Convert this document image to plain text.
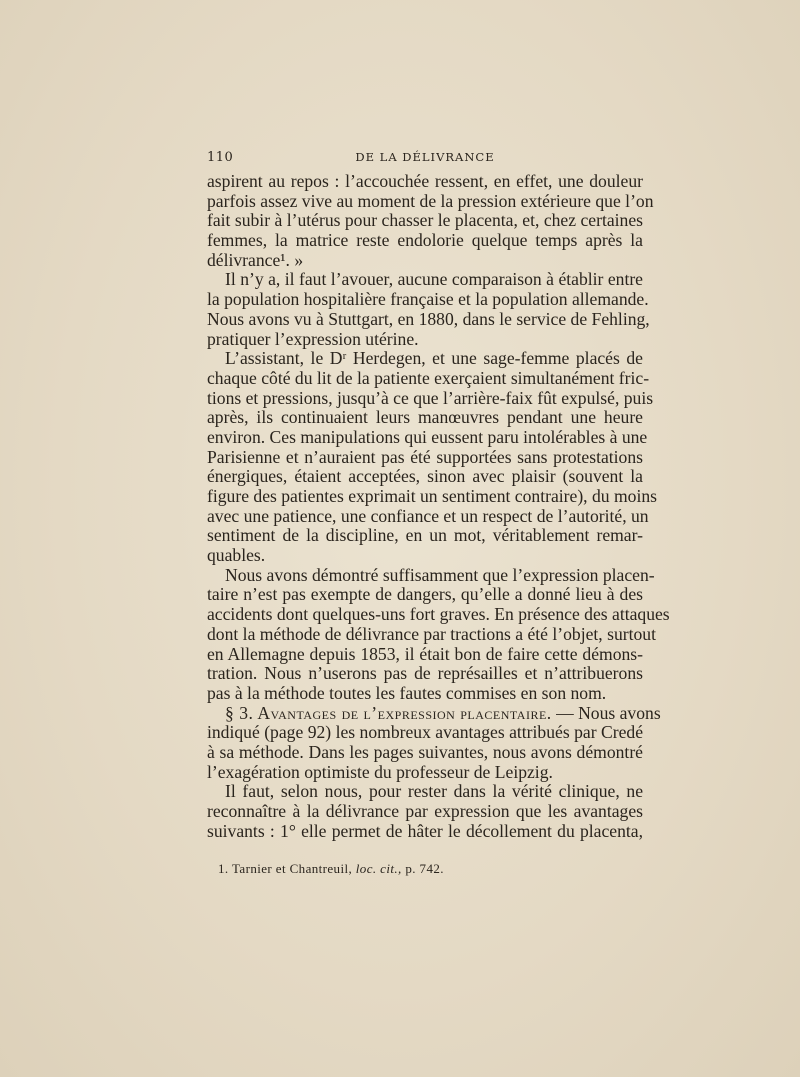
110	DE LA DÉLIVRANCE
aspirent au repos : l’accouchée ressent, en effet, une douleur
parfois assez vive au moment de la pression extérieure que l’on
fait subir à l’utérus pour chasser le placenta, et, chez certaines
femmes, la matrice reste endolorie quelque temps après la
délivrance¹. »
Il n’y a, il faut l’avouer, aucune comparaison à établir entre
la population hospitalière française et la population allemande.
Nous avons vu à Stuttgart, en 1880, dans le service de Fehling,
pratiquer l’expression utérine.
L’assistant, le Dʳ Herdegen, et une sage-femme placés de
chaque côté du lit de la patiente exerçaient simultanément fric-
tions et pressions, jusqu’à ce que l’arrière-faix fût expulsé, puis
après, ils continuaient leurs manœuvres pendant une heure
environ. Ces manipulations qui eussent paru intolérables à une
Parisienne et n’auraient pas été supportées sans protestations
énergiques, étaient acceptées, sinon avec plaisir (souvent la
figure des patientes exprimait un sentiment contraire), du moins
avec une patience, une confiance et un respect de l’autorité, un
sentiment de la discipline, en un mot, véritablement remar-
quables.
Nous avons démontré suffisamment que l’expression placen-
taire n’est pas exempte de dangers, qu’elle a donné lieu à des
accidents dont quelques-uns fort graves. En présence des attaques
dont la méthode de délivrance par tractions a été l’objet, surtout
en Allemagne depuis 1853, il était bon de faire cette démons-
tration. Nous n’userons pas de représailles et n’attribuerons
pas à la méthode toutes les fautes commises en son nom.
§ 3. Avantages de l’expression placentaire. — Nous avons
indiqué (page 92) les nombreux avantages attribués par Credé
à sa méthode. Dans les pages suivantes, nous avons démontré
l’exagération optimiste du professeur de Leipzig.
Il faut, selon nous, pour rester dans la vérité clinique, ne
reconnaître à la délivrance par expression que les avantages
suivants : 1° elle permet de hâter le décollement du placenta,
1. Tarnier et Chantreuil, loc. cit., p. 742.
